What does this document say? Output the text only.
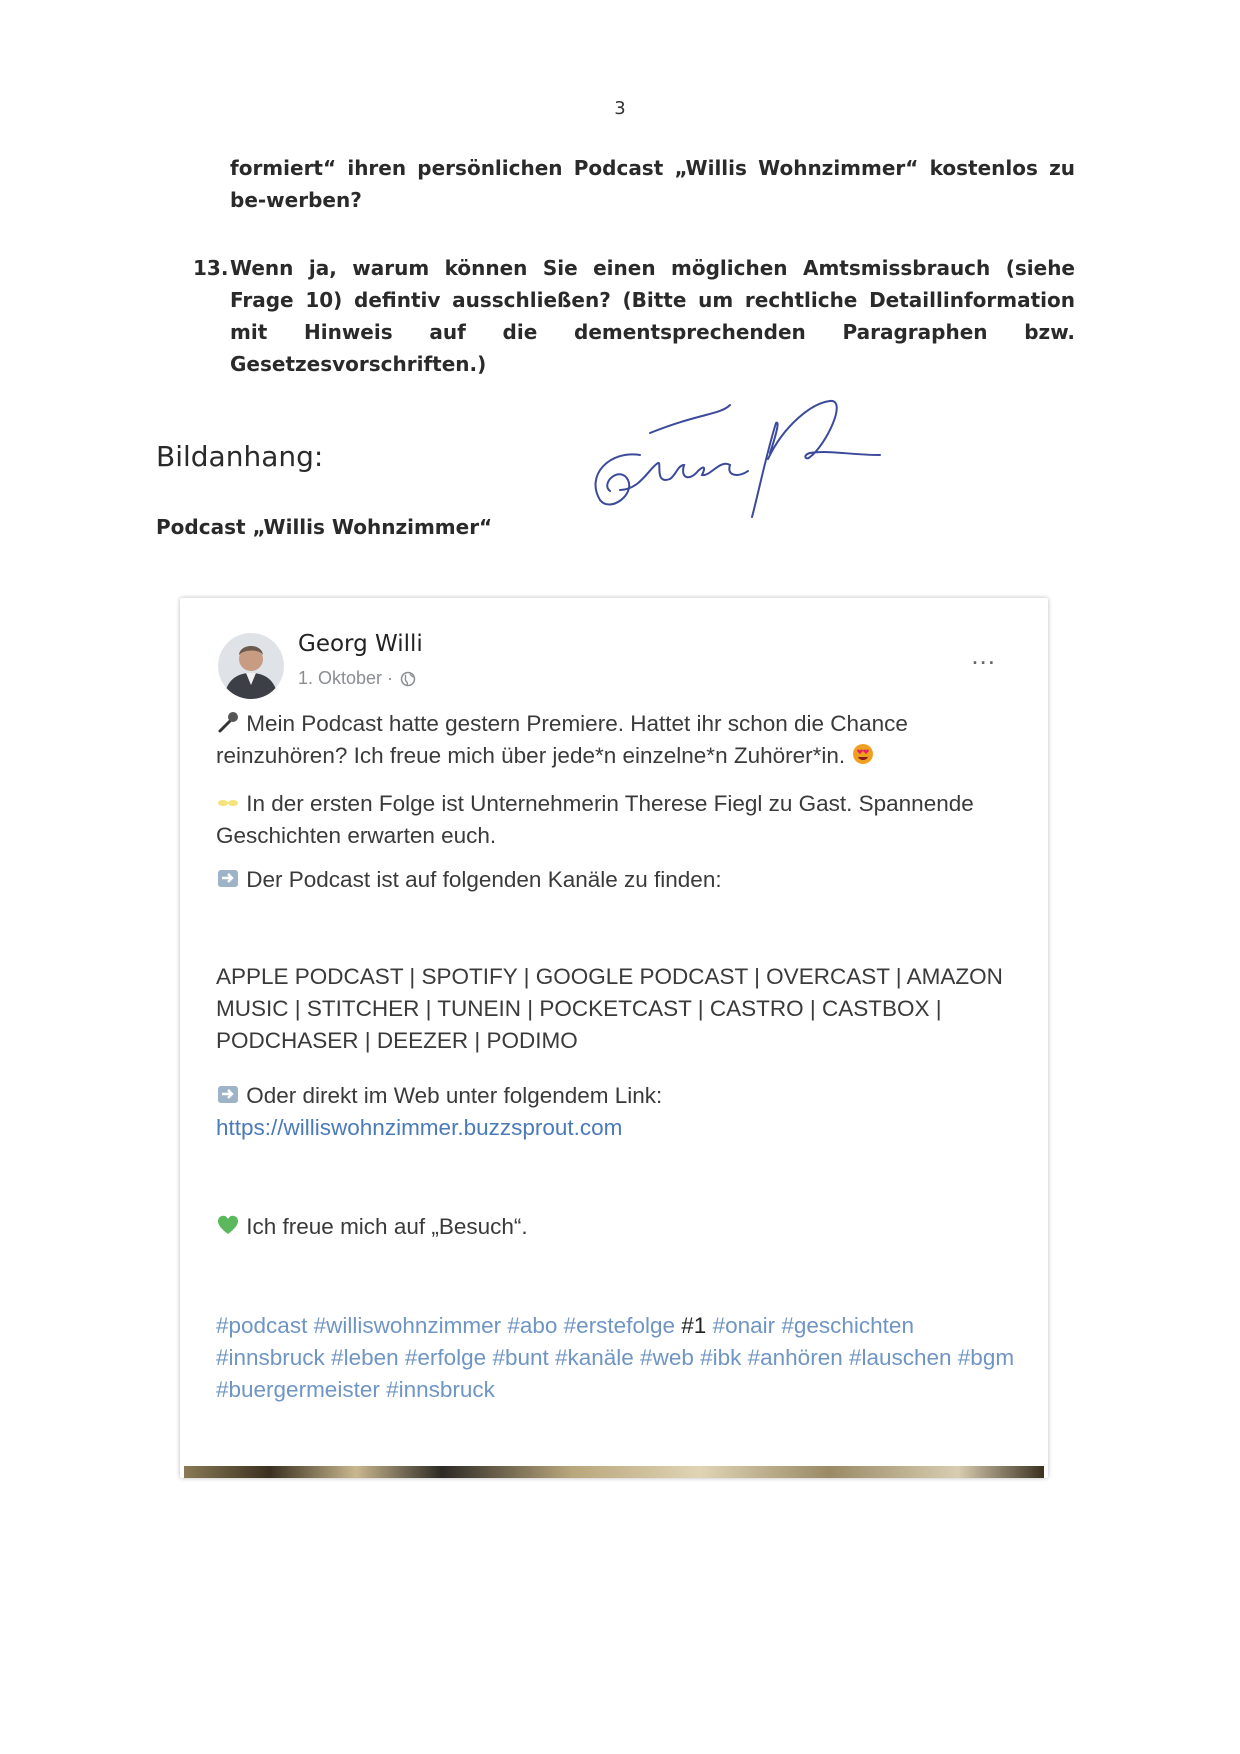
3
formiert“ ihren persönlichen Podcast „Willis Wohnzimmer“ kostenlos zu be-werben?
13. Wenn ja, warum können Sie einen möglichen Amtsmissbrauch (siehe Frage 10) defintiv ausschließen? (Bitte um rechtliche Detaillinformation mit Hinweis auf die dementsprechenden Paragraphen bzw. Gesetzesvorschriften.)
Bildanhang:
Podcast „Willis Wohnzimmer“
Georg Willi
1. Oktober ·
...
Mein Podcast hatte gestern Premiere. Hattet ihr schon die Chance reinzuhören? Ich freue mich über jede*n einzelne*n Zuhörer*in.
In der ersten Folge ist Unternehmerin Therese Fiegl zu Gast. Spannende Geschichten erwarten euch.
Der Podcast ist auf folgenden Kanäle zu finden:
APPLE PODCAST | SPOTIFY | GOOGLE PODCAST | OVERCAST | AMAZON MUSIC | STITCHER | TUNEIN | POCKETCAST | CASTRO | CASTBOX | PODCHASER | DEEZER | PODIMO
Oder direkt im Web unter folgendem Link:
https://williswohnzimmer.buzzsprout.com
Ich freue mich auf „Besuch“.
#podcast #williswohnzimmer #abo #erstefolge #1 #onair #geschichten #innsbruck #leben #erfolge #bunt #kanäle #web #ibk #anhören #lauschen #bgm #buergermeister #innsbruck
